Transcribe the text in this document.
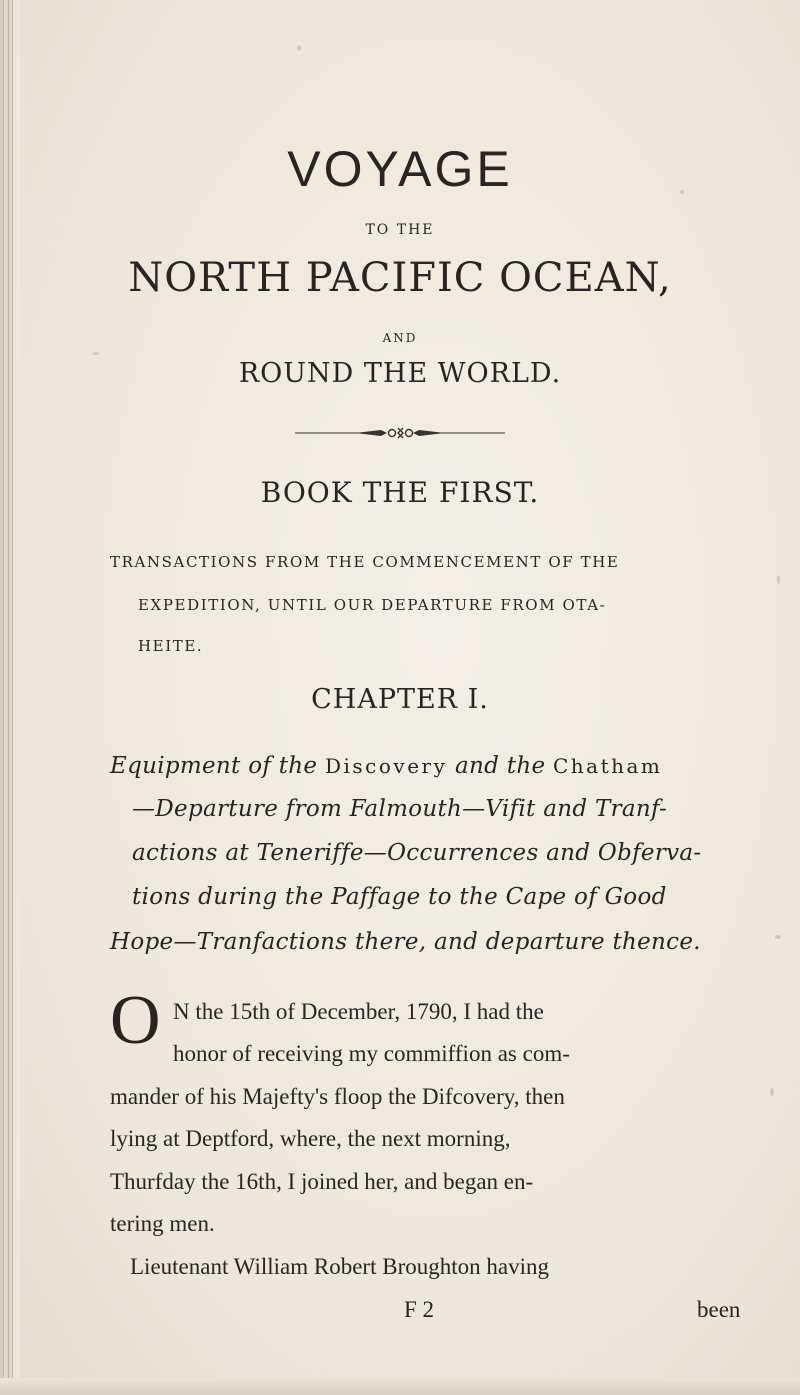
VOYAGE
TO THE
NORTH PACIFIC OCEAN,
AND
ROUND THE WORLD.
BOOK THE FIRST.
TRANSACTIONS FROM THE COMMENCEMENT OF THE
EXPEDITION, UNTIL OUR DEPARTURE FROM OTA-
HEITE.
CHAPTER I.
Equipment of the Discovery and the Chatham
—Departure from Falmouth—Vifit and Tranf-
actions at Teneriffe—Occurrences and Obferva-
tions during the Paffage to the Cape of Good
Hope—Tranfactions there, and departure thence.
O N the 15th of December, 1790, I had the
honor of receiving my commiffion as com-
mander of his Majefty's floop the Difcovery, then
lying at Deptford, where, the next morning,
Thurfday the 16th, I joined her, and began en-
tering men.
Lieutenant William Robert Broughton having
F 2	been
